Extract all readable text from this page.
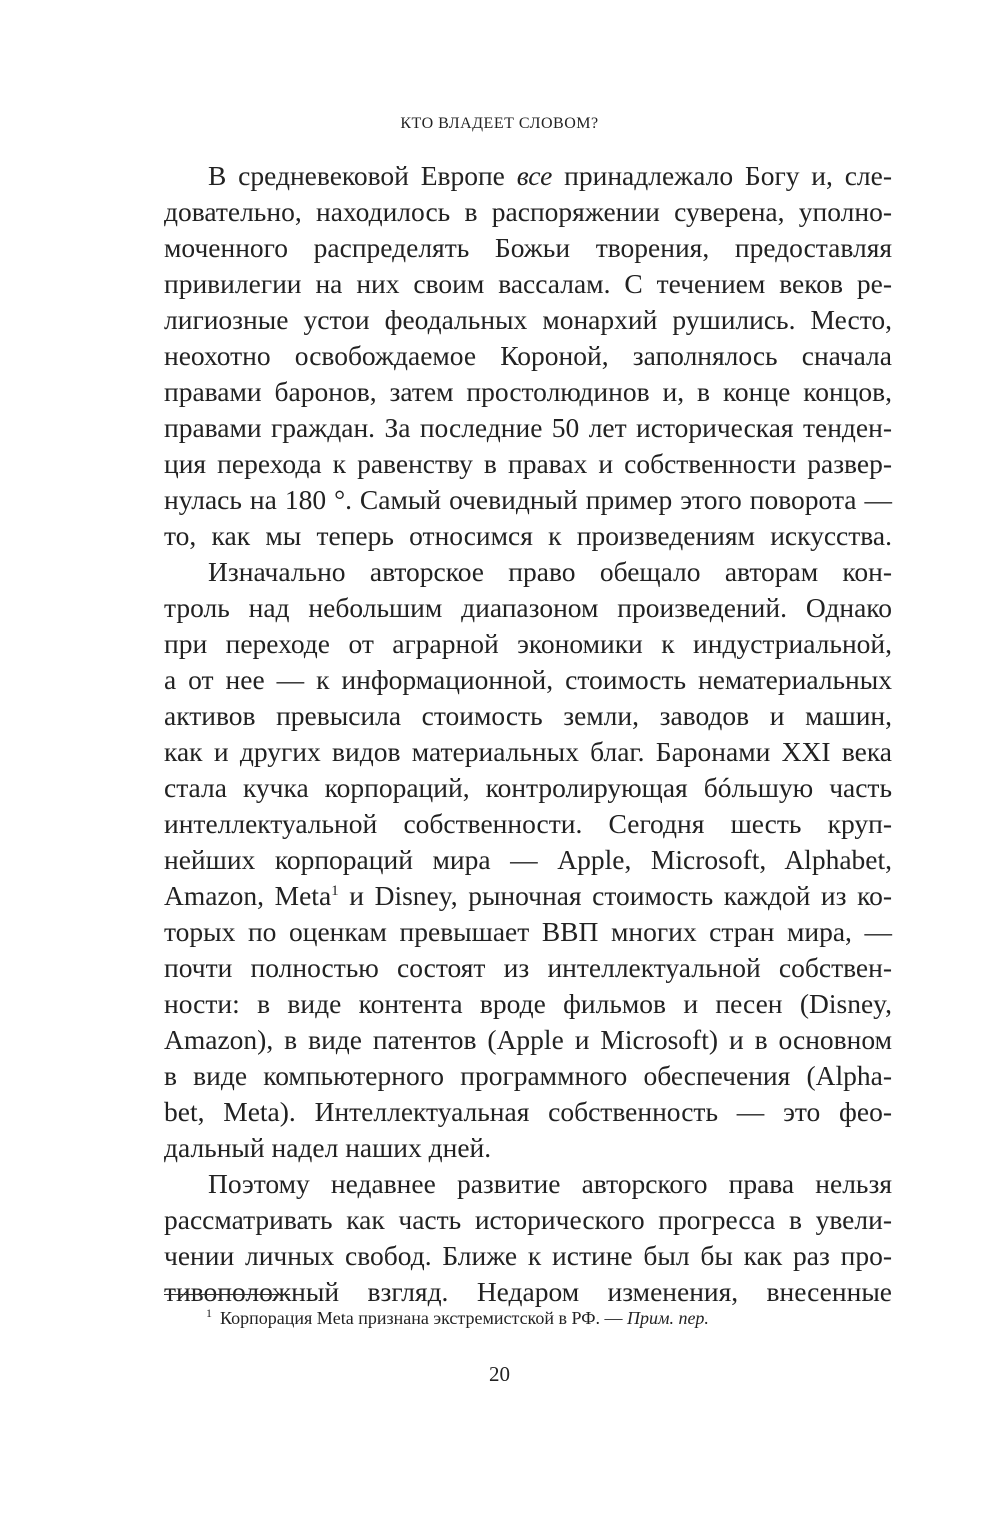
КТО ВЛАДЕЕТ СЛОВОМ?
В средневековой Европе все принадлежало Богу и, сле-
довательно, находилось в распоряжении суверена, уполно-
моченного распределять Божьи творения, предоставляя
привилегии на них своим вассалам. С течением веков ре-
лигиозные устои феодальных монархий рушились. Место,
неохотно освобождаемое Короной, заполнялось сначала
правами баронов, затем простолюдинов и, в конце концов,
правами граждан. За последние 50 лет историческая тенден-
ция перехода к равенству в правах и собственности развер-
нулась на 180 °. Самый очевидный пример этого поворота —
то, как мы теперь относимся к произведениям искусства.
Изначально авторское право обещало авторам кон-
троль над небольшим диапазоном произведений. Однако
при переходе от аграрной экономики к индустриальной,
а от нее — к информационной, стоимость нематериальных
активов превысила стоимость земли, заводов и машин,
как и других видов материальных благ. Баронами XXI века
стала кучка корпораций, контролирующая бóльшую часть
интеллектуальной собственности. Сегодня шесть круп-
нейших корпораций мира — Apple, Microsoft, Alphabet,
Amazon, Meta$^1$ и Disney, рыночная стоимость каждой из ко-
торых по оценкам превышает ВВП многих стран мира, —
почти полностью состоят из интеллектуальной собствен-
ности: в виде контента вроде фильмов и песен (Disney,
Amazon), в виде патентов (Apple и Microsoft) и в основном
в виде компьютерного программного обеспечения (Alpha-
bet, Meta). Интеллектуальная собственность — это фео-
дальный надел наших дней.
Поэтому недавнее развитие авторского права нельзя
рассматривать как часть исторического прогресса в увели-
чении личных свобод. Ближе к истине был бы как раз про-
тивоположный взгляд. Недаром изменения, внесенные
$^1$ Корпорация Meta признана экстремистской в РФ. — Прим. пер.
20
